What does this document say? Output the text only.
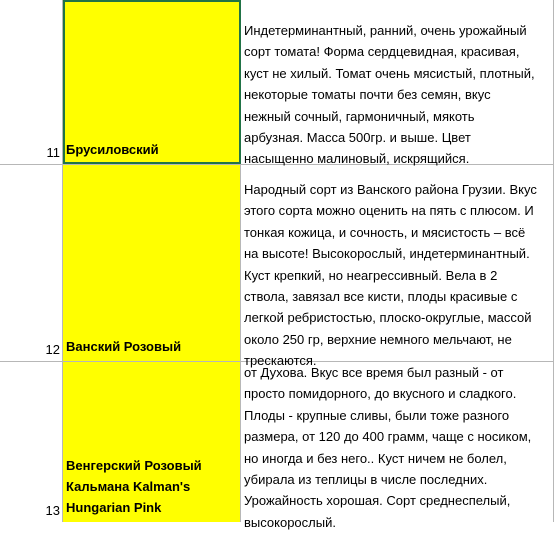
11 Брусиловский
Индетерминантный, ранний, очень урожайный
сорт томата! Форма сердцевидная, красивая,
куст не хилый. Томат очень мясистый, плотный,
некоторые томаты почти без семян, вкус
нежный сочный, гармоничный, мякоть
арбузная. Масса 500гр. и выше. Цвет
насыщенно малиновый, искрящийся.
12 Ванский Розовый
Народный сорт из Ванского района Грузии. Вкус
этого сорта можно оценить на пять с плюсом. И
тонкая кожица, и сочность, и мясистость – всё
на высоте! Высокорослый, индетерминантный.
Куст крепкий, но неагрессивный. Вела в 2
ствола, завязал все кисти, плоды красивые с
легкой ребристостью, плоско-округлые, массой
около 250 гр, верхние немного мельчают, не
трескаются.
13
Венгерский Розовый
Кальмана Kalman's
Hungarian Pink
от Духова. Вкус все время был разный - от
просто помидорного, до вкусного и сладкого.
Плоды - крупные сливы, были тоже разного
размера, от 120 до 400 грамм, чаще с носиком,
но иногда и без него.. Куст ничем не болел,
убирала из теплицы в числе последних.
Урожайность хорошая. Сорт среднеспелый,
высокорослый.
